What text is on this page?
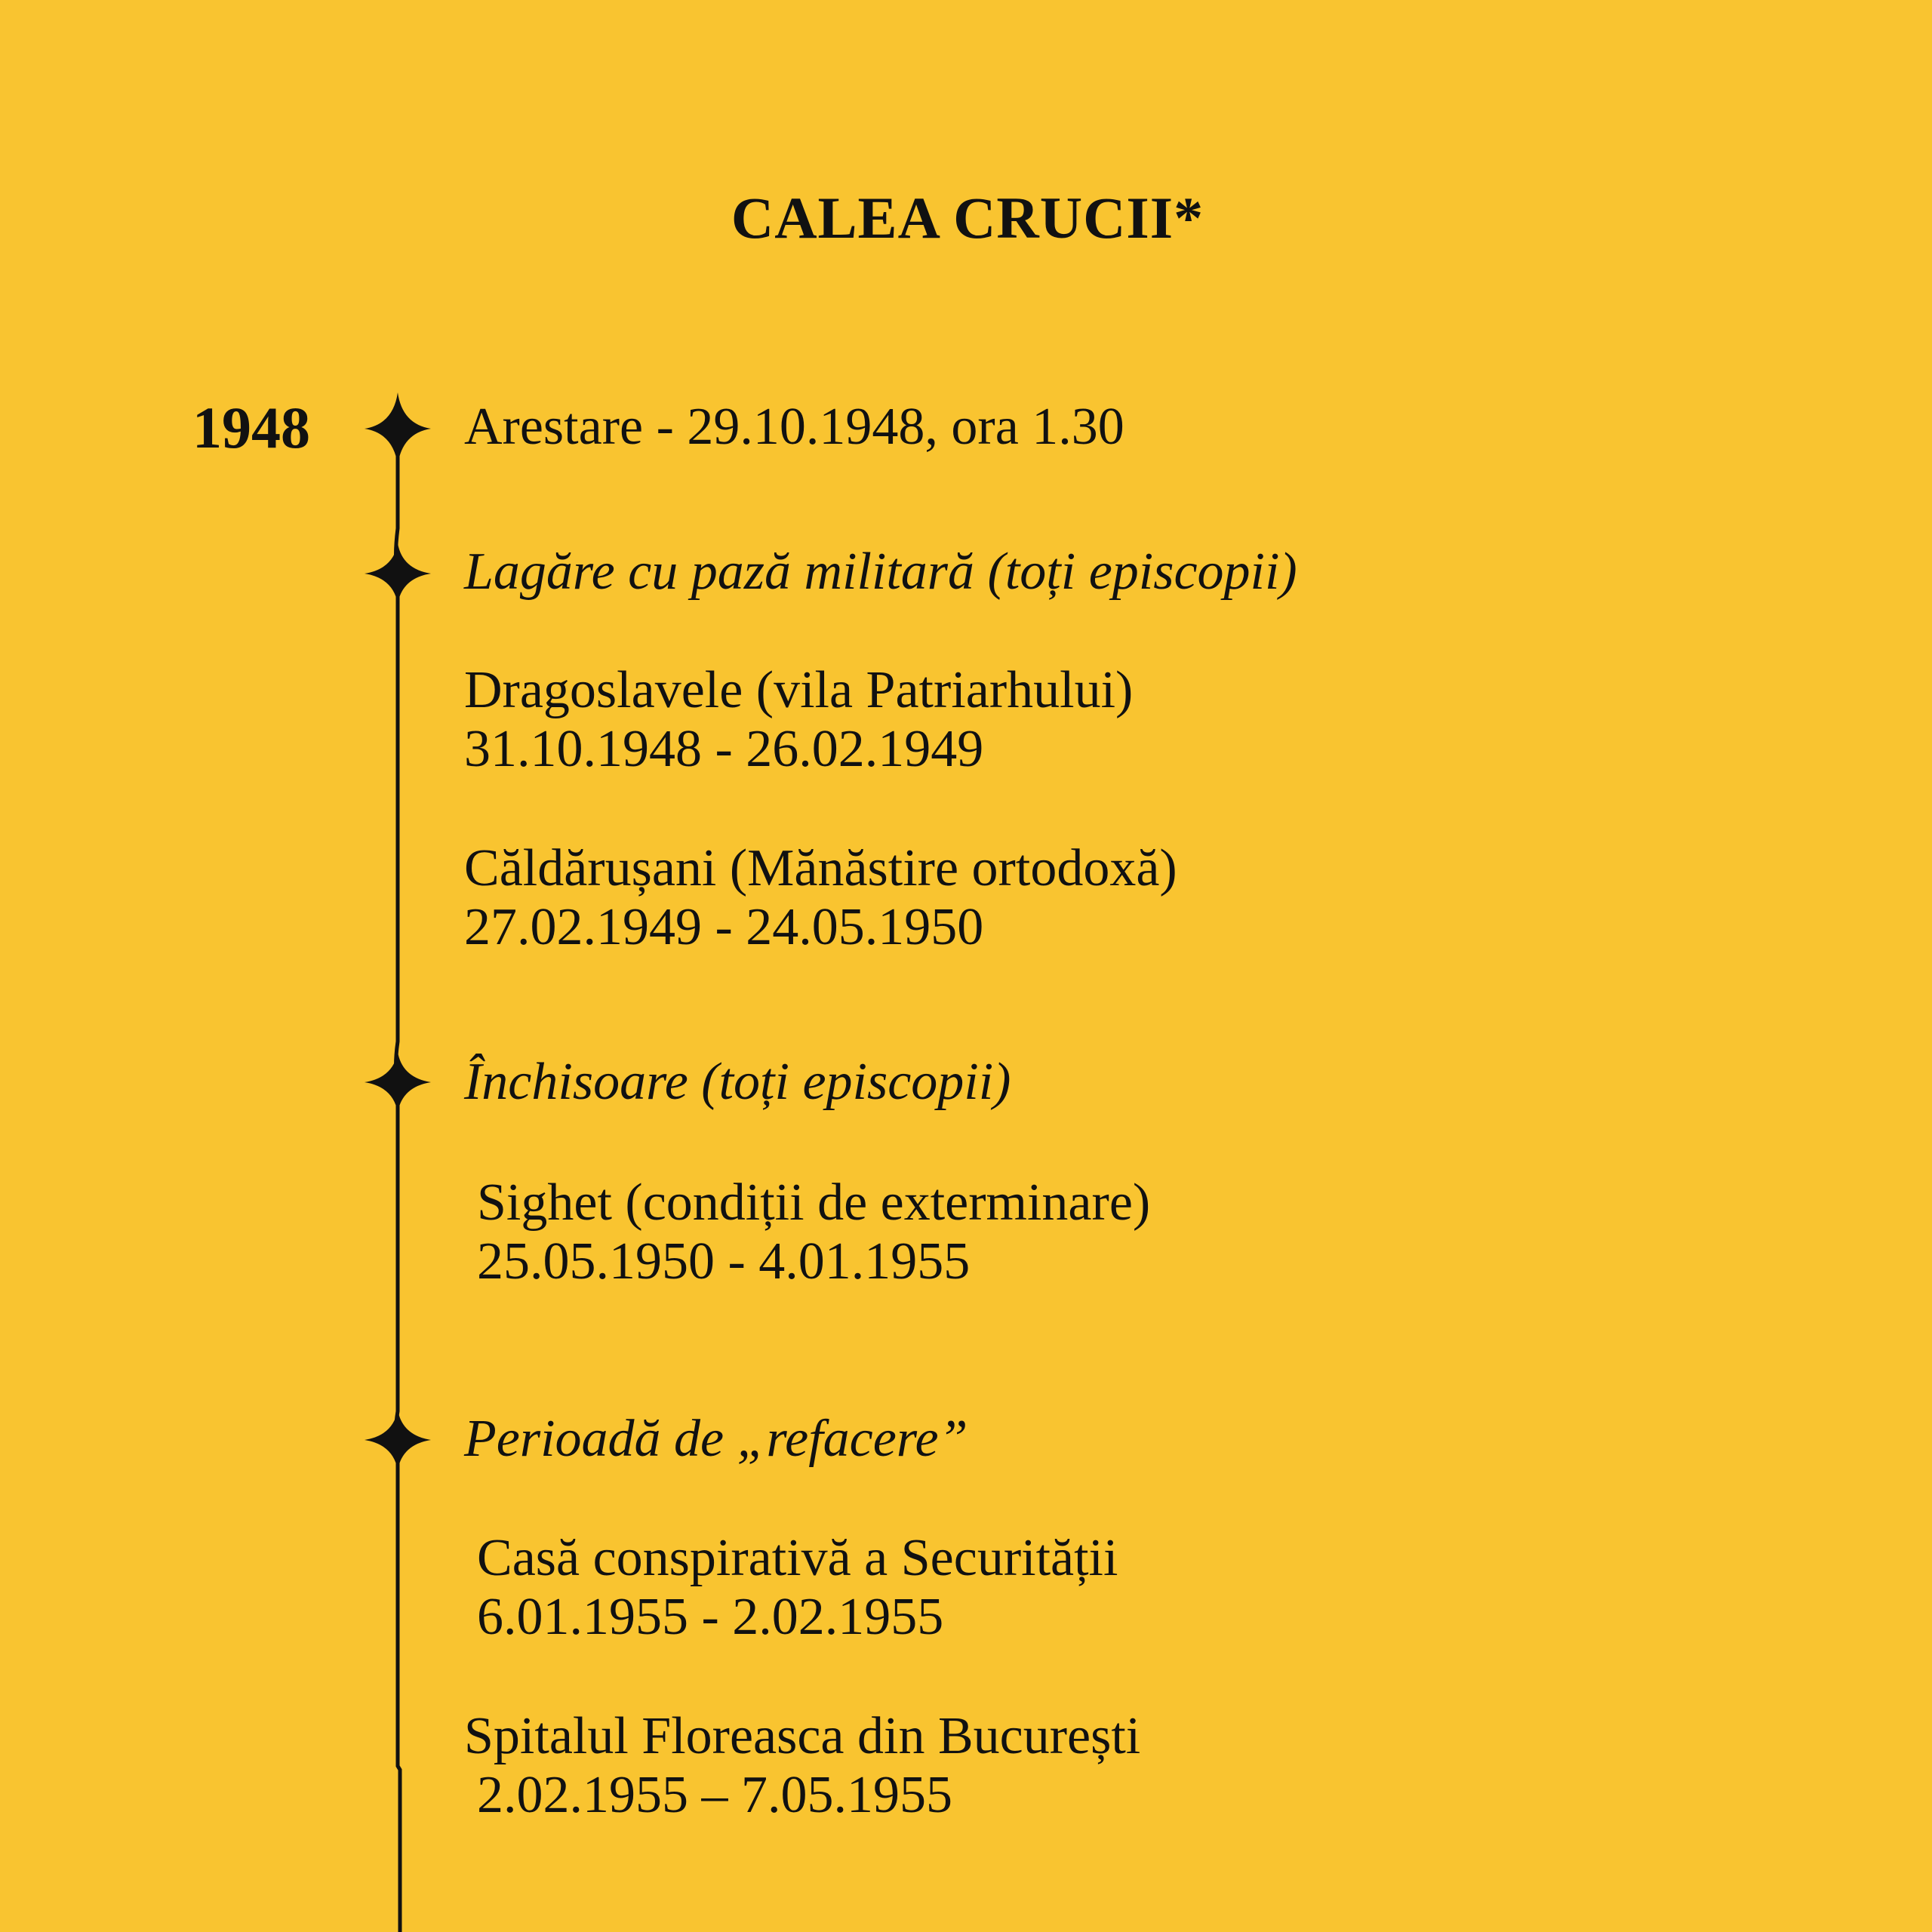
CALEA CRUCII*
1948	Arestare - 29.10.1948, ora 1.30
Lagăre cu pază militară (toți episcopii)
Dragoslavele (vila Patriarhului)
31.10.1948 - 26.02.1949
Căldărușani (Mănăstire ortodoxă)
27.02.1949 - 24.05.1950
Închisoare (toți episcopii)
Sighet (condiții de exterminare)
25.05.1950 - 4.01.1955
Perioadă de „refacere”
Casă conspirativă a Securității
6.01.1955 - 2.02.1955
Spitalul Floreasca din București
2.02.1955 – 7.05.1955
